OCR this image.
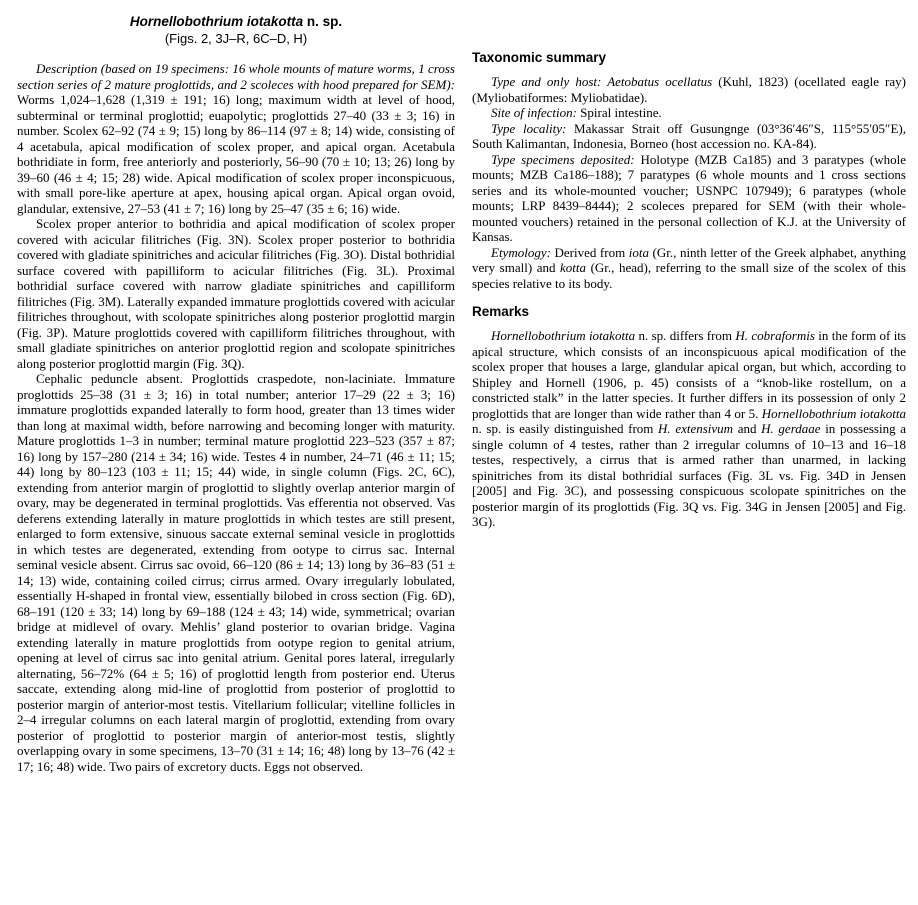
Hornellobothrium iotakotta n. sp.
(Figs. 2, 3J–R, 6C–D, H)

Description (based on 19 specimens: 16 whole mounts of mature worms, 1 cross section series of 2 mature proglottids, and 2 scoleces with hood prepared for SEM): Worms 1,024–1,628 (1,319 ± 191; 16) long; maximum width at level of hood, subterminal or terminal proglottid; euapolytic; proglottids 27–40 (33 ± 3; 16) in number. Scolex 62–92 (74 ± 9; 15) long by 86–114 (97 ± 8; 14) wide, consisting of 4 acetabula, apical modification of scolex proper, and apical organ. Acetabula bothridiate in form, free anteriorly and posteriorly, 56–90 (70 ± 10; 13; 26) long by 39–60 (46 ± 4; 15; 28) wide. Apical modification of scolex proper inconspicuous, with small pore-like aperture at apex, housing apical organ. Apical organ ovoid, glandular, extensive, 27–53 (41 ± 7; 16) long by 25–47 (35 ± 6; 16) wide.

Scolex proper anterior to bothridia and apical modification of scolex proper covered with acicular filitriches (Fig. 3N). Scolex proper posterior to bothridia covered with gladiate spinitriches and acicular filitriches (Fig. 3O). Distal bothridial surface covered with papilliform to acicular filitriches (Fig. 3L). Proximal bothridial surface covered with narrow gladiate spinitriches and capilliform filitriches (Fig. 3M). Laterally expanded immature proglottids covered with acicular filitriches throughout, with scolopate spinitriches along posterior proglottid margin (Fig. 3P). Mature proglottids covered with capilliform filitriches throughout, with small gladiate spinitriches on anterior proglottid region and scolopate spinitriches along posterior proglottid margin (Fig. 3Q).

Cephalic peduncle absent. Proglottids craspedote, non-laciniate. Immature proglottids 25–38 (31 ± 3; 16) in total number; anterior 17–29 (22 ± 3; 16) immature proglottids expanded laterally to form hood, greater than 13 times wider than long at maximal width, before narrowing and becoming longer with maturity. Mature proglottids 1–3 in number; terminal mature proglottid 223–523 (357 ± 87; 16) long by 157–280 (214 ± 34; 16) wide. Testes 4 in number, 24–71 (46 ± 11; 15; 44) long by 80–123 (103 ± 11; 15; 44) wide, in single column (Figs. 2C, 6C), extending from anterior margin of proglottid to slightly overlap anterior margin of ovary, may be degenerated in terminal proglottids. Vas efferentia not observed. Vas deferens extending laterally in mature proglottids in which testes are still present, enlarged to form extensive, sinuous saccate external seminal vesicle in proglottids in which testes are degenerated, extending from ootype to cirrus sac. Internal seminal vesicle absent. Cirrus sac ovoid, 66–120 (86 ± 14; 13) long by 36–83 (51 ± 14; 13) wide, containing coiled cirrus; cirrus armed. Ovary irregularly lobulated, essentially H-shaped in frontal view, essentially bilobed in cross section (Fig. 6D), 68–191 (120 ± 33; 14) long by 69–188 (124 ± 43; 14) wide, symmetrical; ovarian bridge at midlevel of ovary. Mehlis’ gland posterior to ovarian bridge. Vagina extending laterally in mature proglottids from ootype region to genital atrium, opening at level of cirrus sac into genital atrium. Genital pores lateral, irregularly alternating, 56–72% (64 ± 5; 16) of proglottid length from posterior end. Uterus saccate, extending along mid-line of proglottid from posterior of proglottid to posterior margin of anterior-most testis. Vitellarium follicular; vitelline follicles in 2–4 irregular columns on each lateral margin of proglottid, extending from ovary posterior of proglottid to posterior margin of anterior-most testis, slightly overlapping ovary in some specimens, 13–70 (31 ± 14; 16; 48) long by 13–76 (42 ± 17; 16; 48) wide. Two pairs of excretory ducts. Eggs not observed.

Taxonomic summary

Type and only host: Aetobatus ocellatus (Kuhl, 1823) (ocellated eagle ray) (Myliobatiformes: Myliobatidae).

Site of infection: Spiral intestine.

Type locality: Makassar Strait off Gusungnge (03°36′46″S, 115°55′05″E), South Kalimantan, Indonesia, Borneo (host accession no. KA-84).

Type specimens deposited: Holotype (MZB Ca185) and 3 paratypes (whole mounts; MZB Ca186–188); 7 paratypes (6 whole mounts and 1 cross sections series and its whole-mounted voucher; USNPC 107949); 6 paratypes (whole mounts; LRP 8439–8444); 2 scoleces prepared for SEM (with their whole-mounted vouchers) retained in the personal collection of K.J. at the University of Kansas.

Etymology: Derived from iota (Gr., ninth letter of the Greek alphabet, anything very small) and kotta (Gr., head), referring to the small size of the scolex of this species relative to its body.

Remarks

Hornellobothrium iotakotta n. sp. differs from H. cobraformis in the form of its apical structure, which consists of an inconspicuous apical modification of the scolex proper that houses a large, glandular apical organ, but which, according to Shipley and Hornell (1906, p. 45) consists of a “knob-like rostellum, on a constricted stalk” in the latter species. It further differs in its possession of only 2 proglottids that are longer than wide rather than 4 or 5. Hornellobothrium iotakotta n. sp. is easily distinguished from H. extensivum and H. gerdaae in possessing a single column of 4 testes, rather than 2 irregular columns of 10–13 and 16–18 testes, respectively, a cirrus that is armed rather than unarmed, in lacking spinitriches from its distal bothridial surfaces (Fig. 3L vs. Fig. 34D in Jensen [2005] and Fig. 3C), and possessing conspicuous scolopate spinitriches on the posterior margin of its proglottids (Fig. 3Q vs. Fig. 34G in Jensen [2005] and Fig. 3G).
